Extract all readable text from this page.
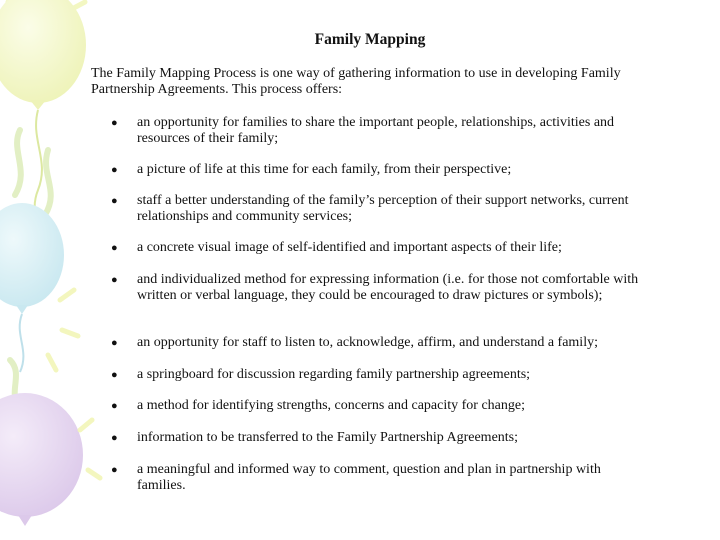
Family Mapping

The Family Mapping Process is one way of gathering information to use in developing Family Partnership Agreements. This process offers:

●	an opportunity for families to share the important people, relationships, activities and resources of their family;
●	a picture of life at this time for each family, from their perspective;
●	staff a better understanding of the family’s perception of their support networks, current relationships and community services;
●	a concrete visual image of self-identified and important aspects of their life;
●	and individualized method for expressing information (i.e. for those not comfortable with written or verbal language, they could be encouraged to draw pictures or symbols);
●	an opportunity for staff to listen to, acknowledge, affirm, and understand a family;
●	a springboard for discussion regarding family partnership agreements;
●	a method for identifying strengths, concerns and capacity for change;
●	information to be transferred to the Family Partnership Agreements;
●	a meaningful and informed way to comment, question and plan in partnership with families.
